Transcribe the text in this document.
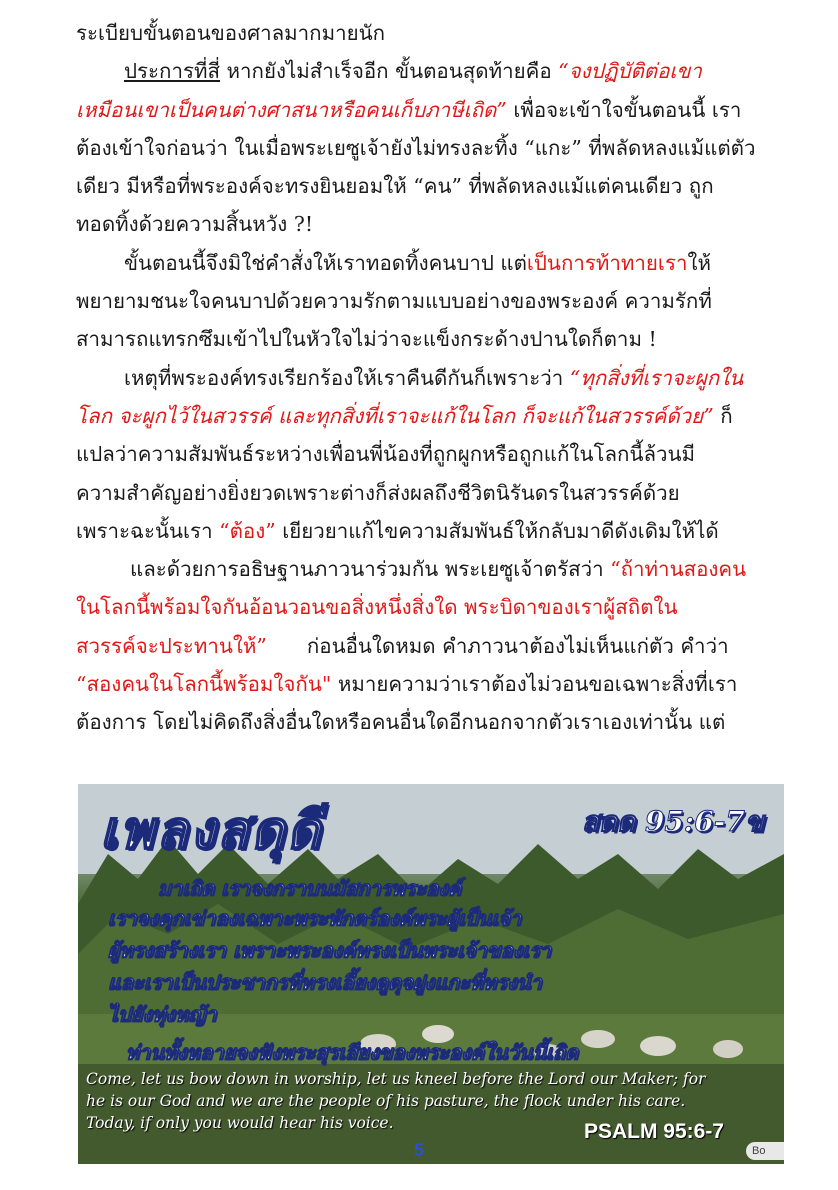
ระเบียบขั้นตอนของศาลมากมายนัก
ประการที่สี่ หากยังไม่สำเร็จอีก ขั้นตอนสุดท้ายคือ “จงปฏิบัติต่อเขา
เหมือนเขาเป็นคนต่างศาสนาหรือคนเก็บภาษีเถิด” เพื่อจะเข้าใจขั้นตอนนี้ เรา
ต้องเข้าใจก่อนว่า ในเมื่อพระเยซูเจ้ายังไม่ทรงละทิ้ง “แกะ” ที่พลัดหลงแม้แต่ตัว
เดียว มีหรือที่พระองค์จะทรงยินยอมให้ “คน” ที่พลัดหลงแม้แต่คนเดียว ถูก
ทอดทิ้งด้วยความสิ้นหวัง ?!
ขั้นตอนนี้จึงมิใช่คำสั่งให้เราทอดทิ้งคนบาป แต่เป็นการท้าทายเราให้
พยายามชนะใจคนบาปด้วยความรักตามแบบอย่างของพระองค์ ความรักที่
สามารถแทรกซึมเข้าไปในหัวใจไม่ว่าจะแข็งกระด้างปานใดก็ตาม !
เหตุที่พระองค์ทรงเรียกร้องให้เราคืนดีกันก็เพราะว่า “ทุกสิ่งที่เราจะผูกใน
โลก จะผูกไว้ในสวรรค์ และทุกสิ่งที่เราจะแก้ในโลก ก็จะแก้ในสวรรค์ด้วย” ก็
แปลว่าความสัมพันธ์ระหว่างเพื่อนพี่น้องที่ถูกผูกหรือถูกแก้ในโลกนี้ล้วนมี
ความสำคัญอย่างยิ่งยวดเพราะต่างก็ส่งผลถึงชีวิตนิรันดรในสวรรค์ด้วย
เพราะฉะนั้นเรา “ต้อง” เยียวยาแก้ไขความสัมพันธ์ให้กลับมาดีดังเดิมให้ได้
และด้วยการอธิษฐานภาวนาร่วมกัน พระเยซูเจ้าตรัสว่า “ถ้าท่านสองคน
ในโลกนี้พร้อมใจกันอ้อนวอนขอสิ่งหนึ่งสิ่งใด พระบิดาของเราผู้สถิตใน
สวรรค์จะประทานให้” ก่อนอื่นใดหมด คำภาวนาต้องไม่เห็นแก่ตัว คำว่า
“สองคนในโลกนี้พร้อมใจกัน" หมายความว่าเราต้องไม่วอนขอเฉพาะสิ่งที่เรา
ต้องการ โดยไม่คิดถึงสิ่งอื่นใดหรือคนอื่นใดอีกนอกจากตัวเราเองเท่านั้น แต่
เพลงสดุดี	สดด 95:6-7ข
มาเถิด เราจงกราบนมัสการพระองค์
เราจงคุกเข่าลงเฉพาะพระพักตร์องค์พระผู้เป็นเจ้า
ผู้ทรงสร้างเรา เพราะพระองค์ทรงเป็นพระเจ้าของเรา
และเราเป็นประชากรที่ทรงเลี้ยงดูดุจฝูงแกะที่ทรงนำ
ไปยังทุ่งหญ้า
ท่านทั้งหลายจงฟังพระสุรเสียงของพระองค์ในวันนี้เถิด
Come, let us bow down in worship, let us kneel before the Lord our Maker; for
he is our God and we are the people of his pasture, the flock under his care.
Today, if only you would hear his voice.	PSALM 95:6-7
Bo
5
